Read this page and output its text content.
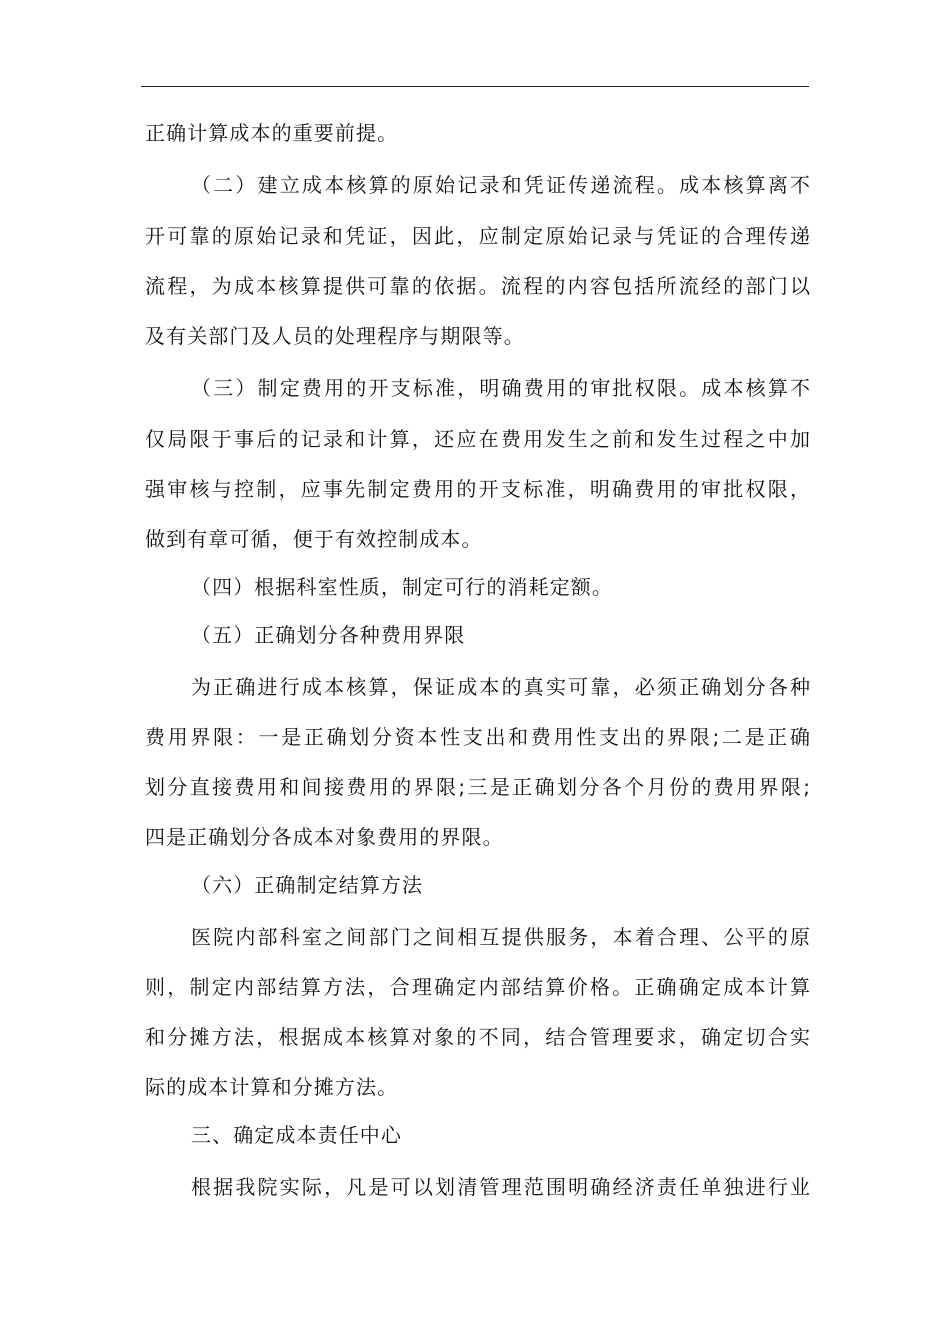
正确计算成本的重要前提。
（二）建立成本核算的原始记录和凭证传递流程。成本核算离不
开可靠的原始记录和凭证，因此，应制定原始记录与凭证的合理传递
流程，为成本核算提供可靠的依据。流程的内容包括所流经的部门以
及有关部门及人员的处理程序与期限等。
（三）制定费用的开支标准，明确费用的审批权限。成本核算不
仅局限于事后的记录和计算，还应在费用发生之前和发生过程之中加
强审核与控制，应事先制定费用的开支标准，明确费用的审批权限，
做到有章可循，便于有效控制成本。
（四）根据科室性质，制定可行的消耗定额。
（五）正确划分各种费用界限
为正确进行成本核算，保证成本的真实可靠，必须正确划分各种
费用界限：一是正确划分资本性支出和费用性支出的界限;二是正确
划分直接费用和间接费用的界限;三是正确划分各个月份的费用界限;
四是正确划分各成本对象费用的界限。
（六）正确制定结算方法
医院内部科室之间部门之间相互提供服务，本着合理、公平的原
则，制定内部结算方法，合理确定内部结算价格。正确确定成本计算
和分摊方法，根据成本核算对象的不同，结合管理要求，确定切合实
际的成本计算和分摊方法。
三、确定成本责任中心
根据我院实际，凡是可以划清管理范围明确经济责任单独进行业
